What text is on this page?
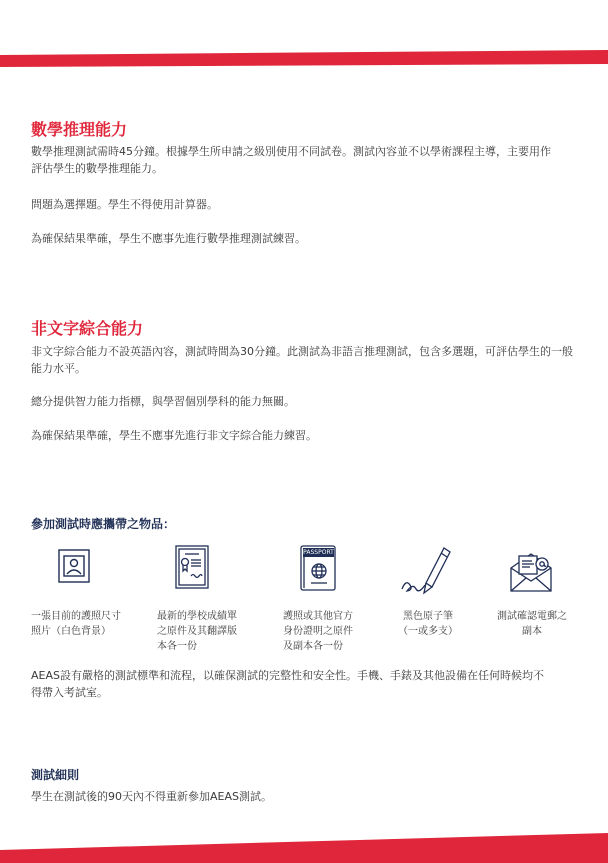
數學推理能力

數學推理測試需時45分鐘。根據學生所申請之級別使用不同試卷。測試內容並不以學術課程主導，主要用作評估學生的數學推理能力。

問題為選擇題。學生不得使用計算器。

為確保結果準確，學生不應事先進行數學推理測試練習。

非文字綜合能力

非文字綜合能力不設英語內容，測試時間為30分鐘。此測試為非語言推理測試，包含多選題，可評估學生的一般能力水平。

總分提供智力能力指標，與學習個別學科的能力無關。

為確保結果準確，學生不應事先進行非文字綜合能力練習。

參加測試時應攜帶之物品：
PASSPORT
一張目前的護照尺寸
照片（白色背景）
最新的學校成績單
之原件及其翻譯版
本各一份
護照或其他官方
身份證明之原件
及副本各一份
黑色原子筆
（一或多支）
測試確認電郵之
副本

AEAS設有嚴格的測試標準和流程，以確保測試的完整性和安全性。手機、手錶及其他設備在任何時候均不得帶入考試室。

測試細則

學生在測試後的90天內不得重新參加AEAS測試。
